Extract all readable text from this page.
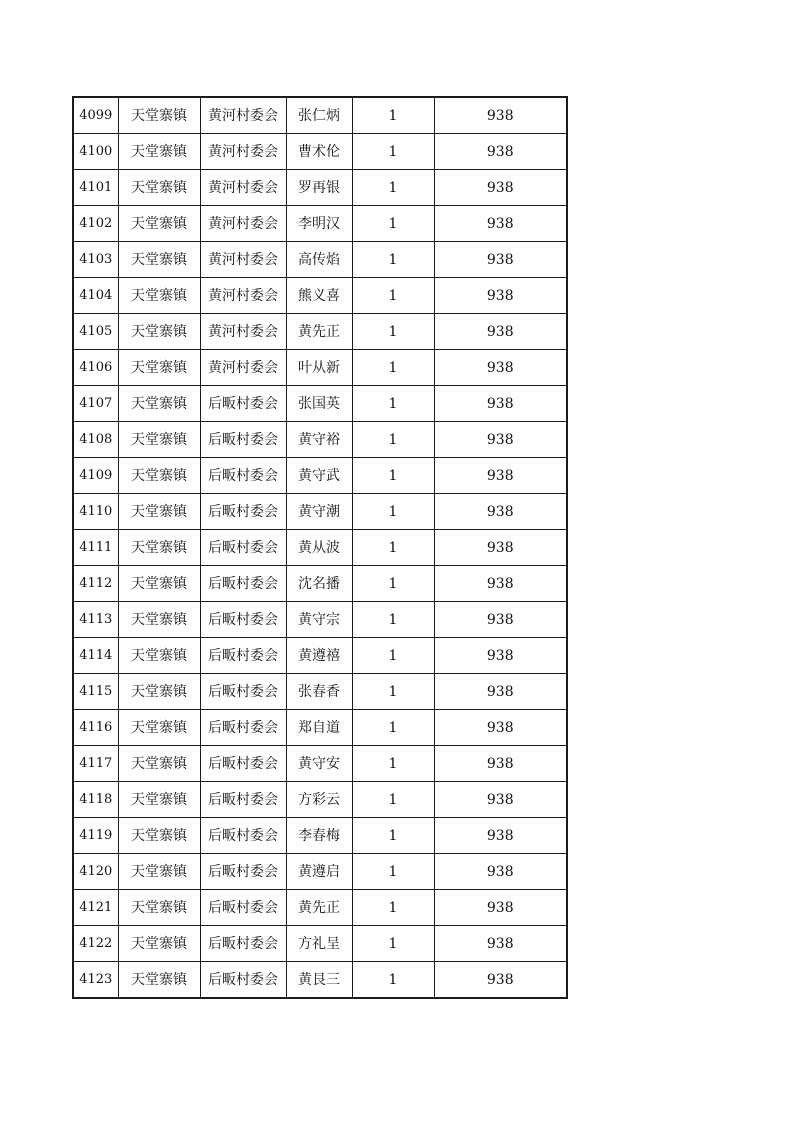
4099	天堂寨镇	黄河村委会	张仁炳	1	938
4100	天堂寨镇	黄河村委会	曹术伦	1	938
4101	天堂寨镇	黄河村委会	罗再银	1	938
4102	天堂寨镇	黄河村委会	李明汉	1	938
4103	天堂寨镇	黄河村委会	高传焰	1	938
4104	天堂寨镇	黄河村委会	熊义喜	1	938
4105	天堂寨镇	黄河村委会	黄先正	1	938
4106	天堂寨镇	黄河村委会	叶从新	1	938
4107	天堂寨镇	后畈村委会	张国英	1	938
4108	天堂寨镇	后畈村委会	黄守裕	1	938
4109	天堂寨镇	后畈村委会	黄守武	1	938
4110	天堂寨镇	后畈村委会	黄守潮	1	938
4111	天堂寨镇	后畈村委会	黄从波	1	938
4112	天堂寨镇	后畈村委会	沈名播	1	938
4113	天堂寨镇	后畈村委会	黄守宗	1	938
4114	天堂寨镇	后畈村委会	黄遵禧	1	938
4115	天堂寨镇	后畈村委会	张春香	1	938
4116	天堂寨镇	后畈村委会	郑自道	1	938
4117	天堂寨镇	后畈村委会	黄守安	1	938
4118	天堂寨镇	后畈村委会	方彩云	1	938
4119	天堂寨镇	后畈村委会	李春梅	1	938
4120	天堂寨镇	后畈村委会	黄遵启	1	938
4121	天堂寨镇	后畈村委会	黄先正	1	938
4122	天堂寨镇	后畈村委会	方礼呈	1	938
4123	天堂寨镇	后畈村委会	黄艮三	1	938
